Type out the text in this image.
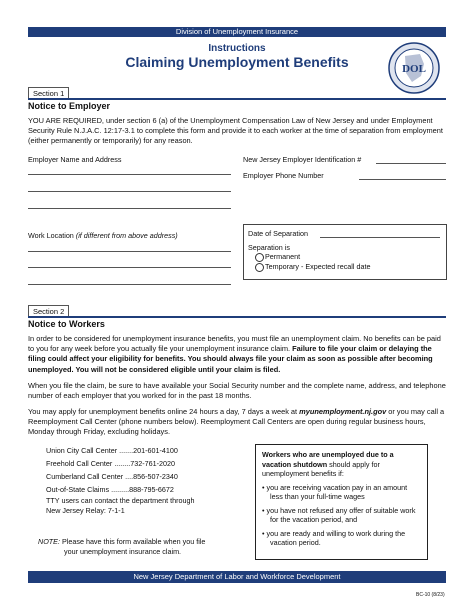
Division of Unemployment Insurance
Instructions
Claiming Unemployment Benefits	DOL
Section 1
Notice to Employer
YOU ARE REQUIRED, under section 6 (a) of the Unemployment Compensation Law of New Jersey and under Employment Security Rule N.J.A.C. 12:17-3.1 to complete this form and provide it to each worker at the time of separation from employment (either permanently or temporarily) for any reason.
Employer Name and Address	New Jersey Employer Identification #
Employer Phone Number
Work Location (if different from above address)	Date of Separation
Separation is
Permanent
Temporary - Expected recall date
Section 2
Notice to Workers
In order to be considered for unemployment insurance benefits, you must file an unemployment claim. No benefits can be paid to you for any week before you actually file your unemployment insurance claim. Failure to file your claim or delaying the filing could affect your eligibility for benefits. You should always file your claim as soon as possible after becoming unemployed. You will not be considered eligible until your claim is filed.
When you file the claim, be sure to have available your Social Security number and the complete name, address, and telephone number of each employer that you worked for in the past 18 months.
You may apply for unemployment benefits online 24 hours a day, 7 days a week at myunemployment.nj.gov or you may call a Reemployment Call Center (phone numbers below). Reemployment Call Centers are open during regular business hours, Monday through Friday, excluding holidays.
Union City Call Center .......201-601-4100
Freehold Call Center ........732-761-2020
Cumberland Call Center ....856-507-2340
Out-of-State Claims .........888-795-6672
TTY users can contact the department through
New Jersey Relay: 7-1-1
NOTE: Please have this form available when you file
your unemployment insurance claim.
Workers who are unemployed due to a vacation shutdown should apply for unemployment benefits if:
• you are receiving vacation pay in an amount less than your full-time wages
• you have not refused any offer of suitable work for the vacation period, and
• you are ready and willing to work during the vacation period.
New Jersey Department of Labor and Workforce Development
BC-10 (8/23)
